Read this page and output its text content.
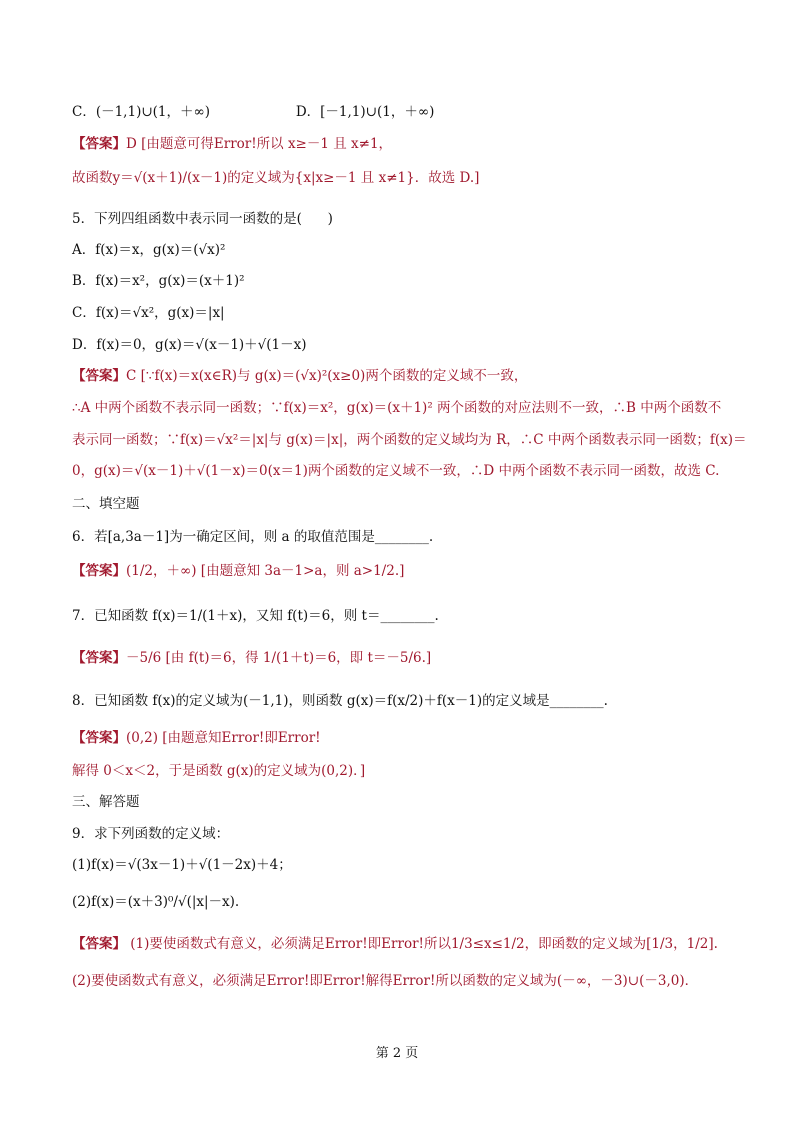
C．(－1,1)∪(1，＋∞)                    D．[－1,1)∪(1，＋∞)
【答案】D [由题意可得Error!所以 x≥－1 且 x≠1，
故函数y＝√(x＋1)/(x－1)的定义域为{x|x≥－1 且 x≠1}．故选 D.]
5．下列四组函数中表示同一函数的是(      )
A．f(x)＝x，g(x)＝(√x)²
B．f(x)＝x²，g(x)＝(x＋1)²
C．f(x)＝√x²，g(x)＝|x|
D．f(x)＝0，g(x)＝√(x－1)＋√(1－x)
【答案】C [∵f(x)＝x(x∈R)与 g(x)＝(√x)²(x≥0)两个函数的定义域不一致，
∴A 中两个函数不表示同一函数；∵f(x)＝x²，g(x)＝(x＋1)² 两个函数的对应法则不一致，∴B 中两个函数不
表示同一函数；∵f(x)＝√x²＝|x|与 g(x)＝|x|，两个函数的定义域均为 R，∴C 中两个函数表示同一函数；f(x)＝
0，g(x)＝√(x－1)＋√(1－x)＝0(x＝1)两个函数的定义域不一致，∴D 中两个函数不表示同一函数，故选 C.
二、填空题
6．若[a,3a－1]为一确定区间，则 a 的取值范围是________.
【答案】(1/2，＋∞) [由题意知 3a－1>a，则 a>1/2.]
7．已知函数 f(x)＝1/(1＋x)，又知 f(t)＝6，则 t＝________.
【答案】－5/6 [由 f(t)＝6，得 1/(1＋t)＝6，即 t＝－5/6.]
8．已知函数 f(x)的定义域为(－1,1)，则函数 g(x)＝f(x/2)＋f(x－1)的定义域是________.
【答案】(0,2) [由题意知Error!即Error!
解得 0＜x＜2，于是函数 g(x)的定义域为(0,2)．]
三、解答题
9．求下列函数的定义域：
(1)f(x)＝√(3x－1)＋√(1－2x)＋4；
(2)f(x)＝(x＋3)⁰/√(|x|－x).
【答案】 (1)要使函数式有意义，必须满足Error!即Error!所以1/3≤x≤1/2，即函数的定义域为[1/3，1/2].
(2)要使函数式有意义，必须满足Error!即Error!解得Error!所以函数的定义域为(－∞，－3)∪(－3,0)．
第 2 页
